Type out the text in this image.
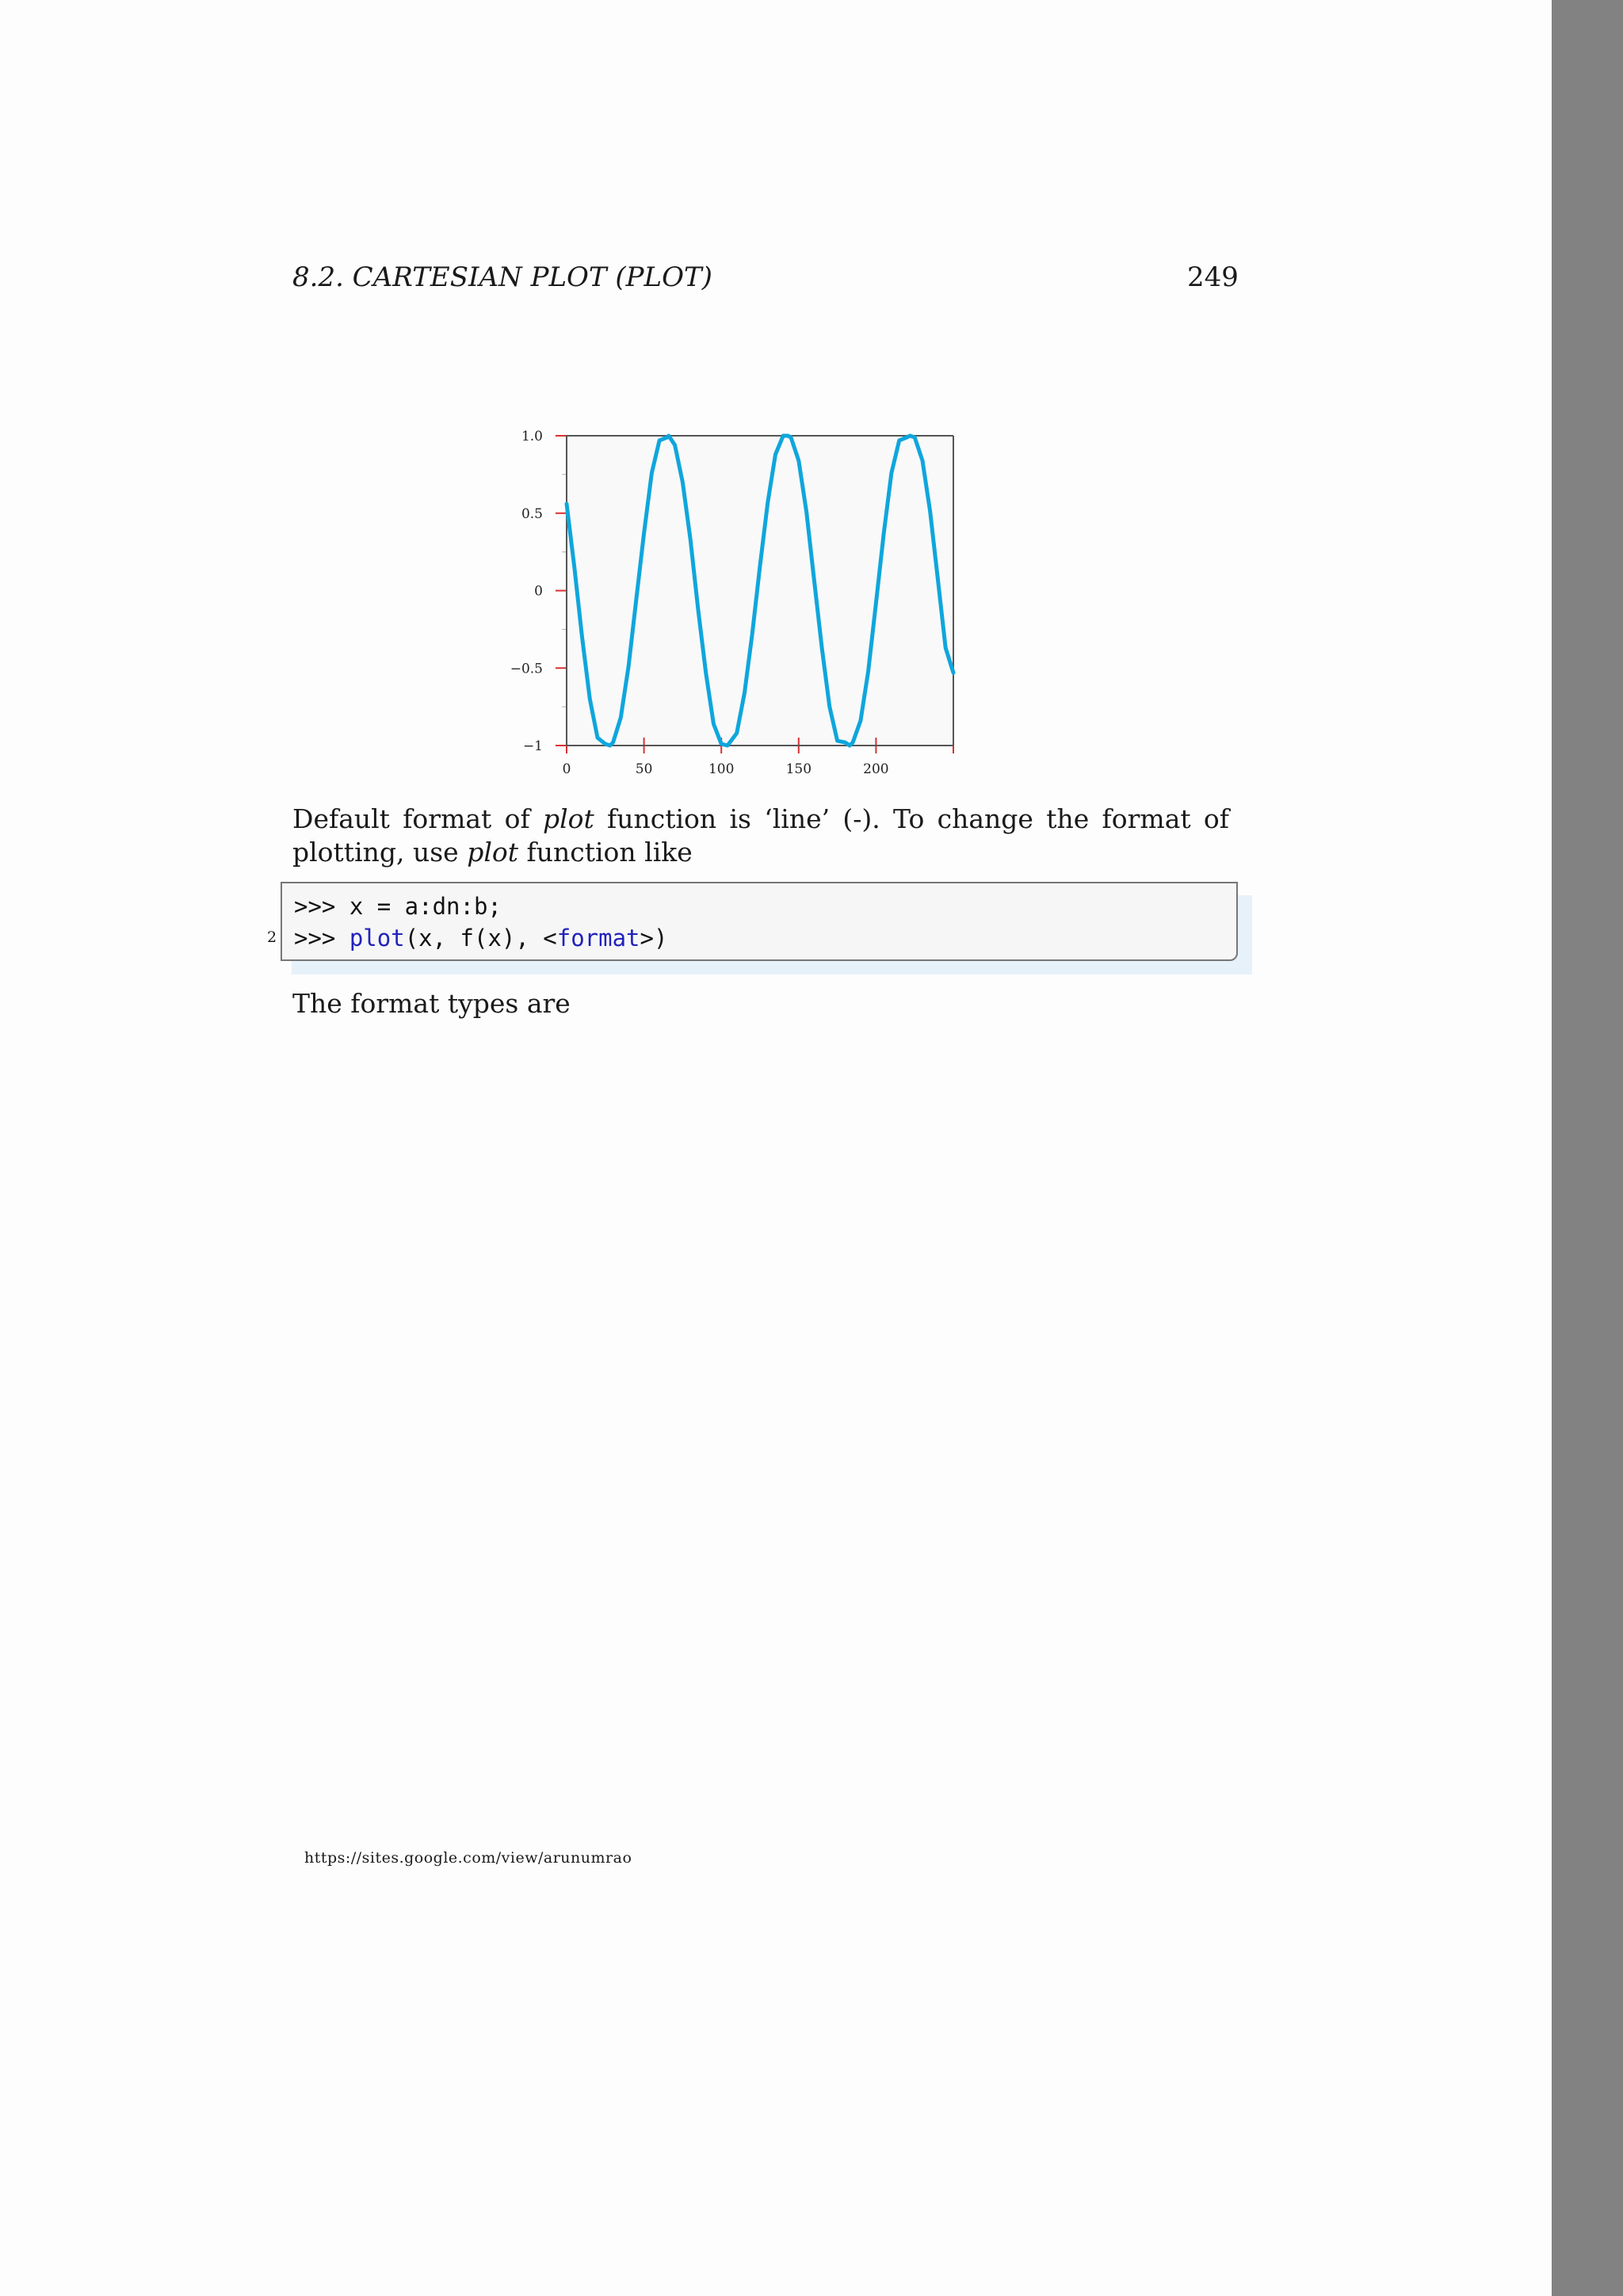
8.2. CARTESIAN PLOT (PLOT)	249
−1
−0.5
0
0.5
1.0
0	50	100	150	200

Default format of plot function is ‘line’ (-). To change the format of plotting, use plot function like

>>> x = a:dn:b;
>>> plot(x, f(x), <format>)
2

The format types are

https://sites.google.com/view/arunumrao
